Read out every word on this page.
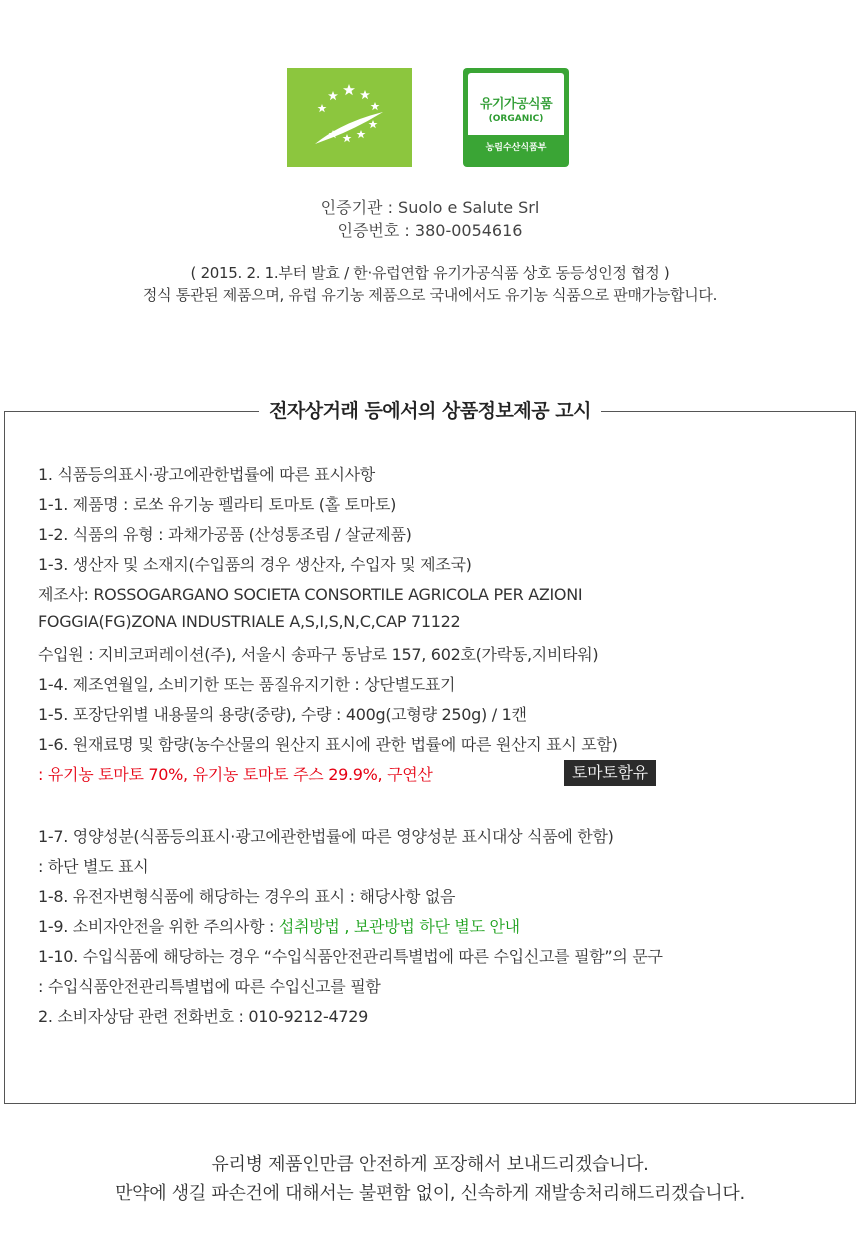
유기가공식품
(ORGANIC)
농림수산식품부
인증기관 : Suolo e Salute Srl
인증번호 : 380-0054616
( 2015. 2. 1.부터 발효 / 한·유럽연합 유기가공식품 상호 동등성인정 협정 )
정식 통관된 제품으며, 유럽 유기농 제품으로 국내에서도 유기농 식품으로 판매가능합니다.
전자상거래 등에서의 상품정보제공 고시
1. 식품등의표시·광고에관한법률에 따른 표시사항
1-1. 제품명 : 로쏘 유기농 펠라티 토마토 (홀 토마토)
1-2. 식품의 유형 : 과채가공품 (산성통조림 / 살균제품)
1-3. 생산자 및 소재지(수입품의 경우 생산자, 수입자 및 제조국)
제조사: ROSSOGARGANO SOCIETA CONSORTILE AGRICOLA PER AZIONI
FOGGIA(FG)ZONA INDUSTRIALE A,S,I,S,N,C,CAP 71122
수입원 : 지비코퍼레이션(주), 서울시 송파구 동남로 157, 602호(가락동,지비타워)
1-4. 제조연월일, 소비기한 또는 품질유지기한 : 상단별도표기
1-5. 포장단위별 내용물의 용량(중량), 수량 : 400g(고형량 250g) / 1캔
1-6. 원재료명 및 함량(농수산물의 원산지 표시에 관한 법률에 따른 원산지 표시 포함)
: 유기농 토마토 70%, 유기농 토마토 주스 29.9%, 구연산	토마토함유
1-7. 영양성분(식품등의표시·광고에관한법률에 따른 영양성분 표시대상 식품에 한함)
: 하단 별도 표시
1-8. 유전자변형식품에 해당하는 경우의 표시 : 해당사항 없음
1-9. 소비자안전을 위한 주의사항 : 섭취방법 , 보관방법 하단 별도 안내
1-10. 수입식품에 해당하는 경우 “수입식품안전관리특별법에 따른 수입신고를 필함”의 문구
: 수입식품안전관리특별법에 따른 수입신고를 필함
2. 소비자상담 관련 전화번호 : 010-9212-4729
유리병 제품인만큼 안전하게 포장해서 보내드리겠습니다.
만약에 생길 파손건에 대해서는 불편함 없이, 신속하게 재발송처리해드리겠습니다.
